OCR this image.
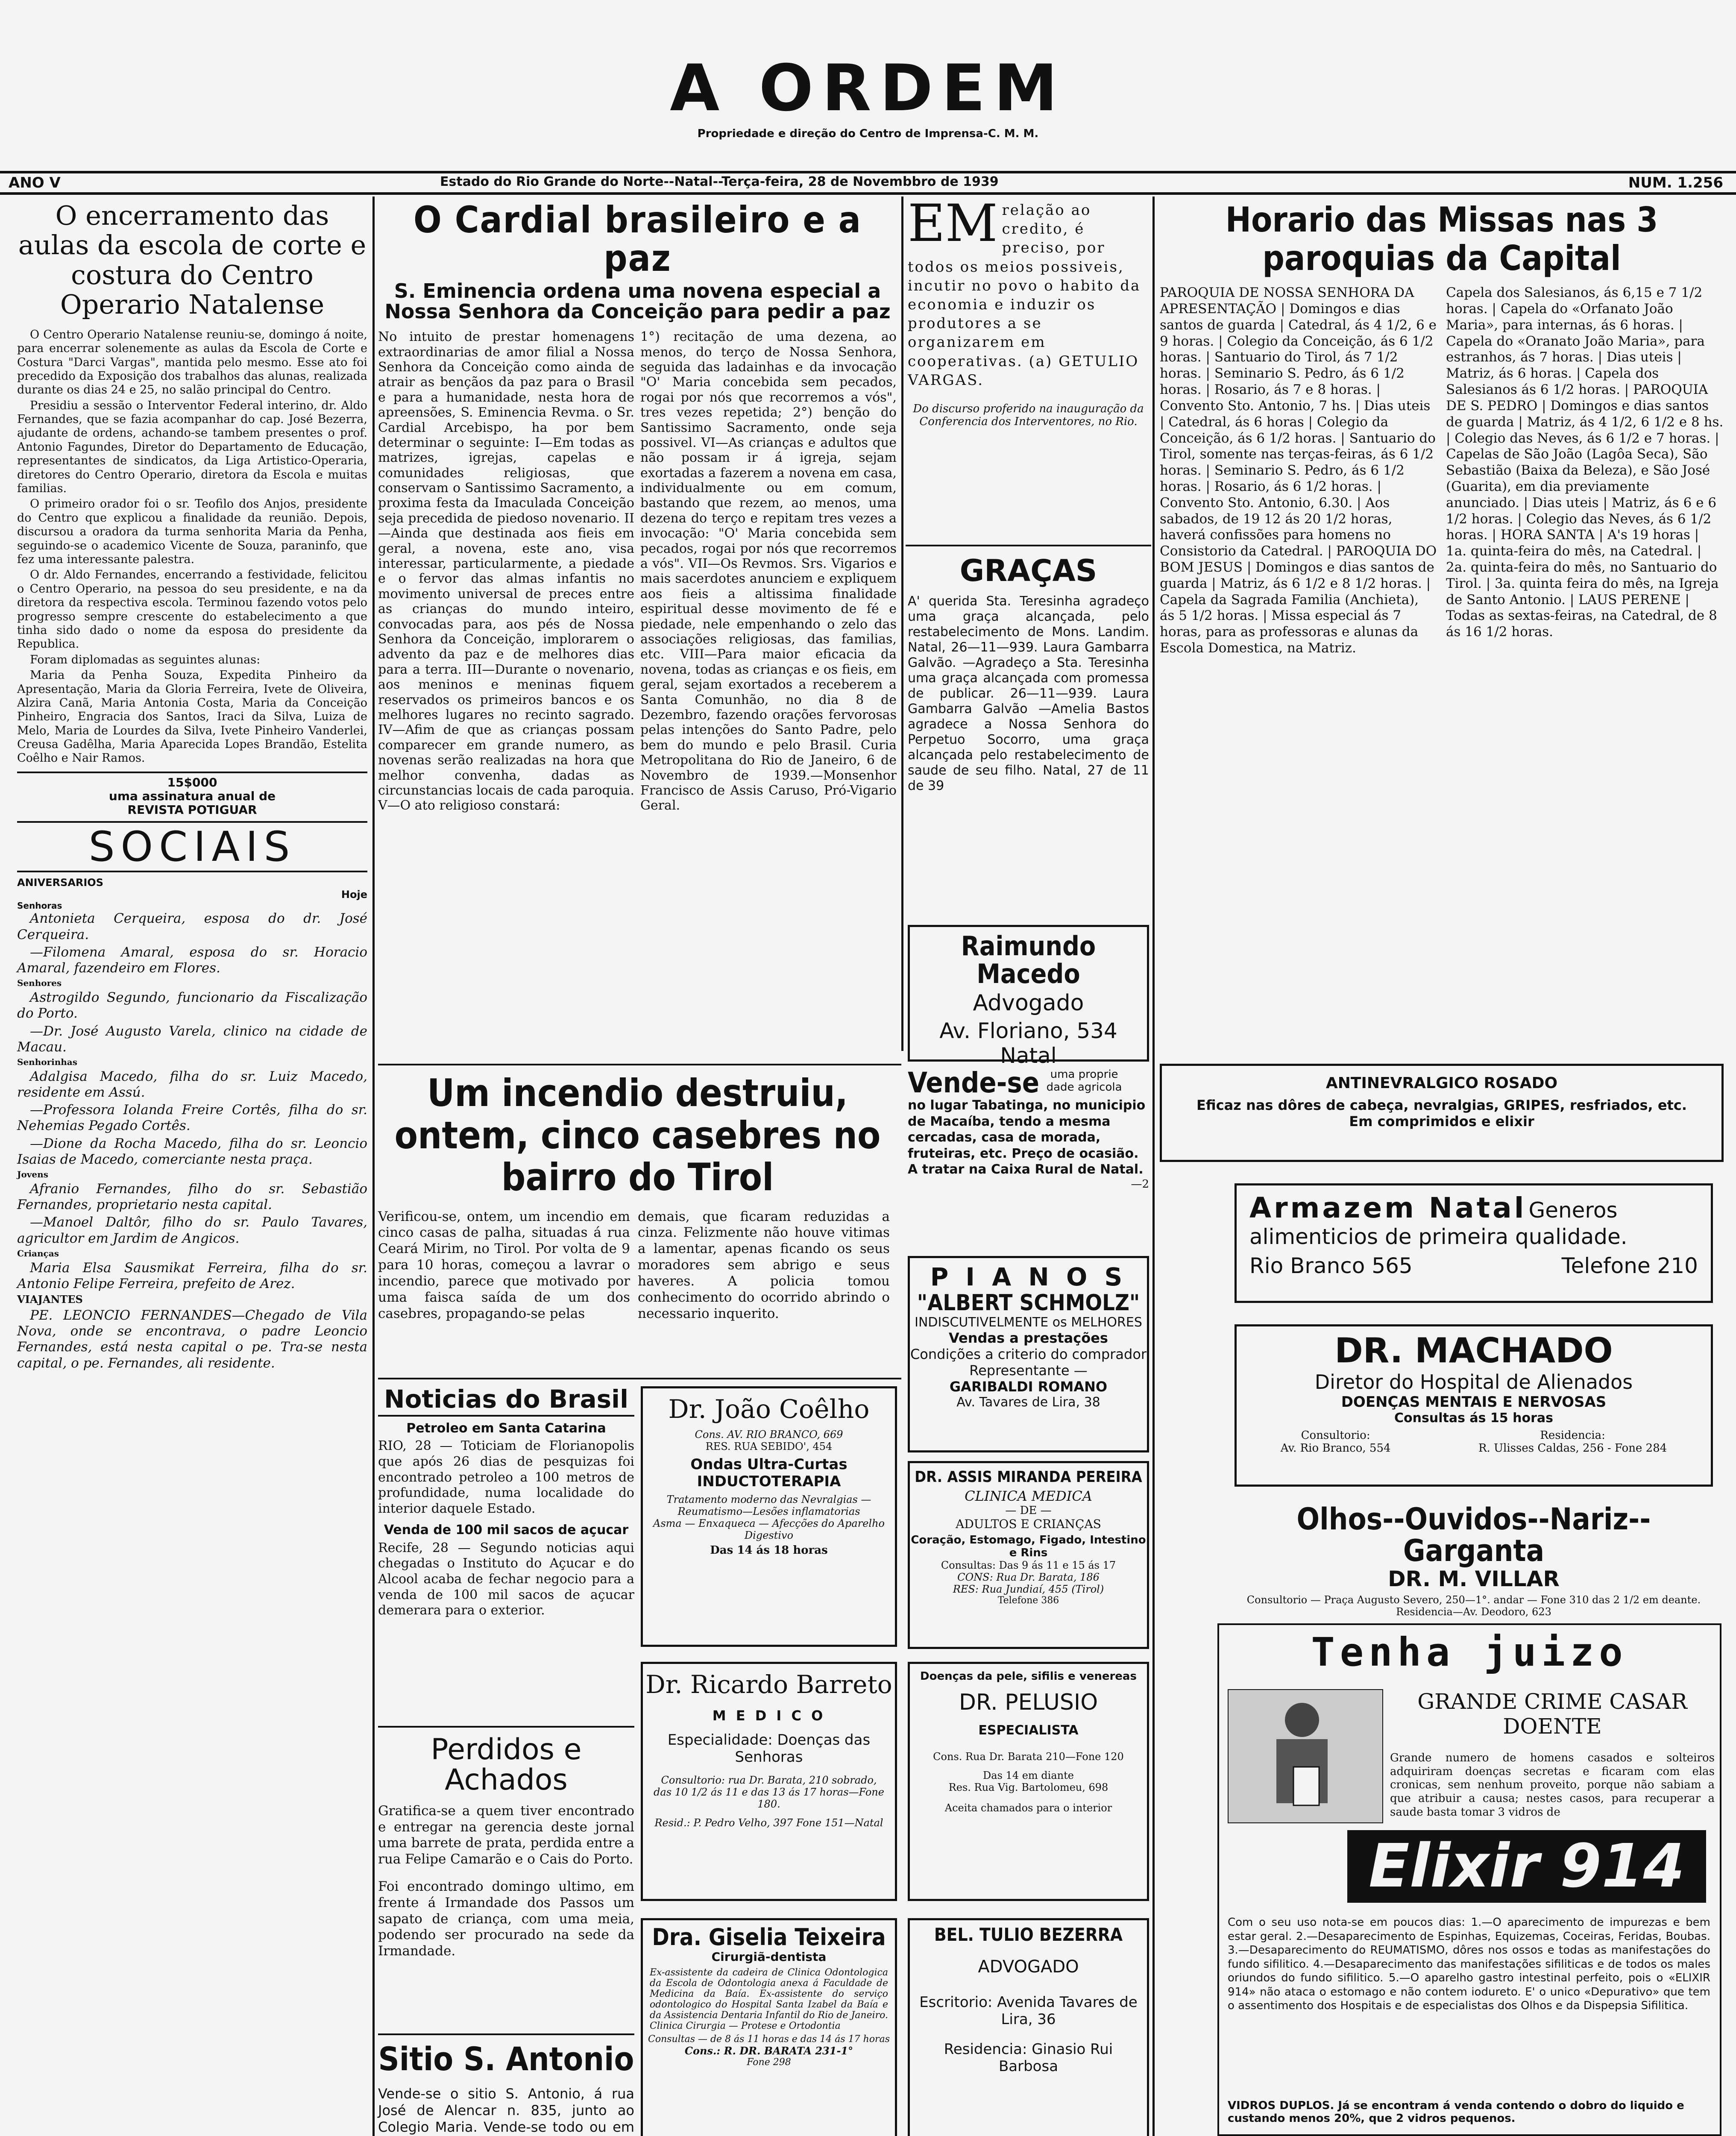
A ORDEM
Propriedade e direção do Centro de Imprensa-C. M. M.
ANO V	Estado do Rio Grande do Norte--Natal--Terça-feira, 28 de Novembbro de 1939	NUM. 1.256
O encerramento das aulas da escola de corte e costura do Centro Operario Natalense

O Centro Operario Natalense reuniu-se, domingo á noite, para encerrar solenemente as aulas da Escola de Corte e Costura "Darci Vargas", mantida pelo mesmo. Esse ato foi precedido da Exposição dos trabalhos das alunas, realizada durante os dias 24 e 25, no salão principal do Centro.

Presidiu a sessão o Interventor Federal interino, dr. Aldo Fernandes, que se fazia acompanhar do cap. José Bezerra, ajudante de ordens, achando-se tambem presentes o prof. Antonio Fagundes, Diretor do Departamento de Educação, representantes de sindicatos, da Liga Artistico-Operaria, diretores do Centro Operario, diretora da Escola e muitas familias.

O primeiro orador foi o sr. Teofilo dos Anjos, presidente do Centro que explicou a finalidade da reunião. Depois, discursou a oradora da turma senhorita Maria da Penha, seguindo-se o academico Vicente de Souza, paraninfo, que fez uma interessante palestra.

O dr. Aldo Fernandes, encerrando a festividade, felicitou o Centro Operario, na pessoa do seu presidente, e na da diretora da respectiva escola. Terminou fazendo votos pelo progresso sempre crescente do estabelecimento a que tinha sido dado o nome da esposa do presidente da Republica.

Foram diplomadas as seguintes alunas:

Maria da Penha Souza, Expedita Pinheiro da Apresentação, Maria da Gloria Ferreira, Ivete de Oliveira, Alzira Canã, Maria Antonia Costa, Maria da Conceição Pinheiro, Engracia dos Santos, Iraci da Silva, Luiza de Melo, Maria de Lourdes da Silva, Ivete Pinheiro Vanderlei, Creusa Gadêlha, Maria Aparecida Lopes Brandão, Estelita Coêlho e Nair Ramos.

15$000
uma assinatura anual de
REVISTA POTIGUAR
SOCIAIS
ANIVERSARIOS
Hoje
Senhoras

Antonieta Cerqueira, esposa do dr. José Cerqueira.

—Filomena Amaral, esposa do sr. Horacio Amaral, fazendeiro em Flores.

Senhores

Astrogildo Segundo, funcionario da Fiscalização do Porto.

—Dr. José Augusto Varela, clinico na cidade de Macau.

Senhorinhas

Adalgisa Macedo, filha do sr. Luiz Macedo, residente em Assú.

—Professora Iolanda Freire Cortês, filha do sr. Nehemias Pegado Cortês.

—Dione da Rocha Macedo, filha do sr. Leoncio Isaias de Macedo, comerciante nesta praça.

Jovens

Afranio Fernandes, filho do sr. Sebastião Fernandes, proprietario nesta capital.

—Manoel Daltôr, filho do sr. Paulo Tavares, agricultor em Jardim de Angicos.

Crianças

Maria Elsa Sausmikat Ferreira, filha do sr. Antonio Felipe Ferreira, prefeito de Arez.

VIAJANTES

PE. LEONCIO FERNANDES—Chegado de Vila Nova, onde se encontrava, o padre Leoncio Fernandes, está nesta capital o pe. Tra-se nesta capital, o pe. Fernandes, ali residente.

O Cardial brasileiro e a paz
S. Eminencia ordena uma novena especial a Nossa Senhora da Conceição para pedir a paz
No intuito de prestar homenagens extraordinarias de amor filial a Nossa Senhora da Conceição como ainda de atrair as bençãos da paz para o Brasil e para a humanidade, nesta hora de apreensões, S. Eminencia Revma. o Sr. Cardial Arcebispo, ha por bem determinar o seguinte: I—Em todas as matrizes, igrejas, capelas e comunidades religiosas, que conservam o Santissimo Sacramento, a proxima festa da Imaculada Conceição seja precedida de piedoso novenario. II—Ainda que destinada aos fieis em geral, a novena, este ano, visa interessar, particularmente, a piedade e o fervor das almas infantis no movimento universal de preces entre as crianças do mundo inteiro, convocadas para, aos pés de Nossa Senhora da Conceição, implorarem o advento da paz e de melhores dias para a terra. III—Durante o novenario, aos meninos e meninas fiquem reservados os primeiros bancos e os melhores lugares no recinto sagrado. IV—Afim de que as crianças possam comparecer em grande numero, as novenas serão realizadas na hora que melhor convenha, dadas as circunstancias locais de cada paroquia. V—O ato religioso constará:
1°) recitação de uma dezena, ao menos, do terço de Nossa Senhora, seguida das ladainhas e da invocação "O' Maria concebida sem pecados, rogai por nós que recorremos a vós", tres vezes repetida; 2°) benção do Santissimo Sacramento, onde seja possivel. VI—As crianças e adultos que não possam ir á igreja, sejam exortadas a fazerem a novena em casa, individualmente ou em comum, bastando que rezem, ao menos, uma dezena do terço e repitam tres vezes a invocação: "O' Maria concebida sem pecados, rogai por nós que recorremos a vós". VII—Os Revmos. Srs. Vigarios e mais sacerdotes anunciem e expliquem aos fieis a altissima finalidade espiritual desse movimento de fé e piedade, nele empenhando o zelo das associações religiosas, das familias, etc. VIII—Para maior eficacia da novena, todas as crianças e os fieis, em geral, sejam exortados a receberem a Santa Comunhão, no dia 8 de Dezembro, fazendo orações fervorosas pelas intenções do Santo Padre, pelo bem do mundo e pelo Brasil. Curia Metropolitana do Rio de Janeiro, 6 de Novembro de 1939.—Monsenhor Francisco de Assis Caruso, Pró-Vigario Geral.
EM relação ao credito, é preciso, por todos os meios possiveis, incutir no povo o habito da economia e induzir os produtores a se organizarem em cooperativas. (a) GETULIO VARGAS.
Do discurso proferido na inauguração da Conferencia dos Interventores, no Rio.
GRAÇAS
A' querida Sta. Teresinha agradeço uma graça alcançada, pelo restabelecimento de Mons. Landim. Natal, 26—11—939. Laura Gambarra Galvão. —Agradeço a Sta. Teresinha uma graça alcançada com promessa de publicar. 26—11—939. Laura Gambarra Galvão —Amelia Bastos agradece a Nossa Senhora do Perpetuo Socorro, uma graça alcançada pelo restabelecimento de saude de seu filho. Natal, 27 de 11 de 39
Raimundo Macedo
Advogado
Av. Floriano, 534
Natal
Um incendio destruiu, ontem, cinco casebres no bairro do Tirol
Verificou-se, ontem, um incendio em cinco casas de palha, situadas á rua Ceará Mirim, no Tirol. Por volta de 9 para 10 horas, começou a lavrar o incendio, parece que motivado por uma faisca saída de um dos casebres, propagando-se pelas
demais, que ficaram reduzidas a cinza. Felizmente não houve vitimas a lamentar, apenas ficando os seus moradores sem abrigo e seus haveres. A policia tomou conhecimento do ocorrido abrindo o necessario inquerito.
Vende-se uma proprie dade agricola
no lugar Tabatinga, no municipio de Macaíba, tendo a mesma cercadas, casa de morada, fruteiras, etc. Preço de ocasião. A tratar na Caixa Rural de Natal.
—2
P I A N O S
"ALBERT SCHMOLZ"
INDISCUTIVELMENTE os MELHORES
Vendas a prestações
Condições a criterio do comprador
Representante —
GARIBALDI ROMANO
Av. Tavares de Lira, 38
Noticias do Brasil
Petroleo em Santa Catarina
RIO, 28 — Toticiam de Florianopolis que após 26 dias de pesquizas foi encontrado petroleo a 100 metros de profundidade, numa localidade do interior daquele Estado.
Venda de 100 mil sacos de açucar
Recife, 28 — Segundo noticias aqui chegadas o Instituto do Açucar e do Alcool acaba de fechar negocio para a venda de 100 mil sacos de açucar demerara para o exterior.
Perdidos e Achados
Gratifica-se a quem tiver encontrado e entregar na gerencia deste jornal uma barrete de prata, perdida entre a rua Felipe Camarão e o Cais do Porto.
Foi encontrado domingo ultimo, em frente á Irmandade dos Passos um sapato de criança, com uma meia, podendo ser procurado na sede da Irmandade.
Sitio S. Antonio
Vende-se o sitio S. Antonio, á rua José de Alencar n. 835, junto ao Colegio Maria. Vende-se todo ou em
Dr. João Coêlho
Cons. AV. RIO BRANCO, 669
RES. RUA SEBIDO', 454
Ondas Ultra-Curtas
INDUCTOTERAPIA
Tratamento moderno das Nevralgias — Reumatismo—Lesões inflamatorias
Asma — Enxaqueca — Afecções do Aparelho Digestivo
Das 14 ás 18 horas
DR. ASSIS MIRANDA PEREIRA
CLINICA MEDICA
— DE —
ADULTOS E CRIANÇAS
Coração, Estomago, Figado, Intestino e Rins
Consultas: Das 9 ás 11 e 15 ás 17
CONS: Rua Dr. Barata, 186
RES: Rua Jundiaí, 455 (Tirol)
Telefone 386
Dr. Ricardo Barreto
M E D I C O
Especialidade: Doenças das Senhoras
Consultorio: rua Dr. Barata, 210 sobrado, das 10 1/2 ás 11 e das 13 ás 17 horas—Fone 180.
Resid.: P. Pedro Velho, 397 Fone 151—Natal
Doenças da pele, sifilis e venereas
DR. PELUSIO
ESPECIALISTA
Cons. Rua Dr. Barata 210—Fone 120
Das 14 em diante
Res. Rua Vig. Bartolomeu, 698
Aceita chamados para o interior
Dra. Giselia Teixeira
Cirurgiã-dentista
Ex-assistente da cadeira de Clinica Odontologica da Escola de Odontologia anexa á Faculdade de Medicina da Baía. Ex-assistente do serviço odontologico do Hospital Santa Izabel da Baía e da Assistencia Dentaria Infantil do Rio de Janeiro. Clinica Cirurgia — Protese e Ortodontia
Consultas — de 8 ás 11 horas e das 14 ás 17 horas
Cons.: R. DR. BARATA 231-1°
Fone 298
BEL. TULIO BEZERRA
ADVOGADO
Escritorio: Avenida Tavares de Lira, 36
Residencia: Ginasio Rui Barbosa
Horario das Missas nas 3 paroquias da Capital
PAROQUIA DE NOSSA SENHORA DA APRESENTAÇÃO | Domingos e dias santos de guarda | Catedral, ás 4 1/2, 6 e 9 horas. | Colegio da Conceição, ás 6 1/2 horas. | Santuario do Tirol, ás 7 1/2 horas. | Seminario S. Pedro, ás 6 1/2 horas. | Rosario, ás 7 e 8 horas. | Convento Sto. Antonio, 7 hs. | Dias uteis | Catedral, ás 6 horas | Colegio da Conceição, ás 6 1/2 horas. | Santuario do Tirol, somente nas terças-feiras, ás 6 1/2 horas. | Seminario S. Pedro, ás 6 1/2 horas. | Rosario, ás 6 1/2 horas. | Convento Sto. Antonio, 6.30. | Aos sabados, de 19 12 ás 20 1/2 horas, haverá confissões para homens no Consistorio da Catedral. | PAROQUIA DO BOM JESUS | Domingos e dias santos de guarda | Matriz, ás 6 1/2 e 8 1/2 horas. | Capela da Sagrada Familia (Anchieta), ás 5 1/2 horas. | Missa especial ás 7 horas, para as professoras e alunas da Escola Domestica, na Matriz.
Capela dos Salesianos, ás 6,15 e 7 1/2 horas. | Capela do «Orfanato João Maria», para internas, ás 6 horas. | Capela do «Oranato João Maria», para estranhos, ás 7 horas. | Dias uteis | Matriz, ás 6 horas. | Capela dos Salesianos ás 6 1/2 horas. | PAROQUIA DE S. PEDRO | Domingos e dias santos de guarda | Matriz, ás 4 1/2, 6 1/2 e 8 hs. | Colegio das Neves, ás 6 1/2 e 7 horas. | Capelas de São João (Lagôa Seca), São Sebastião (Baixa da Beleza), e São José (Guarita), em dia previamente anunciado. | Dias uteis | Matriz, ás 6 e 6 1/2 horas. | Colegio das Neves, ás 6 1/2 horas. | HORA SANTA | A's 19 horas | 1a. quinta-feira do mês, na Catedral. | 2a. quinta-feira do mês, no Santuario do Tirol. | 3a. quinta feira do mês, na Igreja de Santo Antonio. | LAUS PERENE | Todas as sextas-feiras, na Catedral, de 8 ás 16 1/2 horas.
ANTINEVRALGICO ROSADO
Eficaz nas dôres de cabeça, nevralgias, GRIPES, resfriados, etc.
Em comprimidos e elixir
Armazem Natal Generos alimenticios de primeira qualidade.
Rio Branco 565	Telefone 210
DR. MACHADO
Diretor do Hospital de Alienados
DOENÇAS MENTAIS E NERVOSAS
Consultas ás 15 horas
Consultorio:
Av. Rio Branco, 554
Residencia:
R. Ulisses Caldas, 256 - Fone 284
Olhos--Ouvidos--Nariz--Garganta
DR. M. VILLAR
Consultorio — Praça Augusto Severo, 250—1°. andar — Fone 310 das 2 1/2 em deante. Residencia—Av. Deodoro, 623
Tenha juizo
GRANDE CRIME CASAR
DOENTE
Grande numero de homens casados e solteiros adquiriram doenças secretas e ficaram com elas cronicas, sem nenhum proveito, porque não sabiam a que atribuir a causa; nestes casos, para recuperar a saude basta tomar 3 vidros de
Elixir 914
Com o seu uso nota-se em poucos dias: 1.—O aparecimento de impurezas e bem estar geral. 2.—Desaparecimento de Espinhas, Equizemas, Coceiras, Feridas, Boubas. 3.—Desaparecimento do REUMATISMO, dôres nos ossos e todas as manifestações do fundo sifilitico. 4.—Desaparecimento das manifestações sifiliticas e de todos os males oriundos do fundo sifilitico. 5.—O aparelho gastro intestinal perfeito, pois o «ELIXIR 914» não ataca o estomago e não contem iodureto. E' o unico «Depurativo» que tem o assentimento dos Hospitais e de especialistas dos Olhos e da Dispepsia Sifilitica.
VIDROS DUPLOS. Já se encontram á venda contendo o dobro do liquido e custando menos 20%, que 2 vidros pequenos.
